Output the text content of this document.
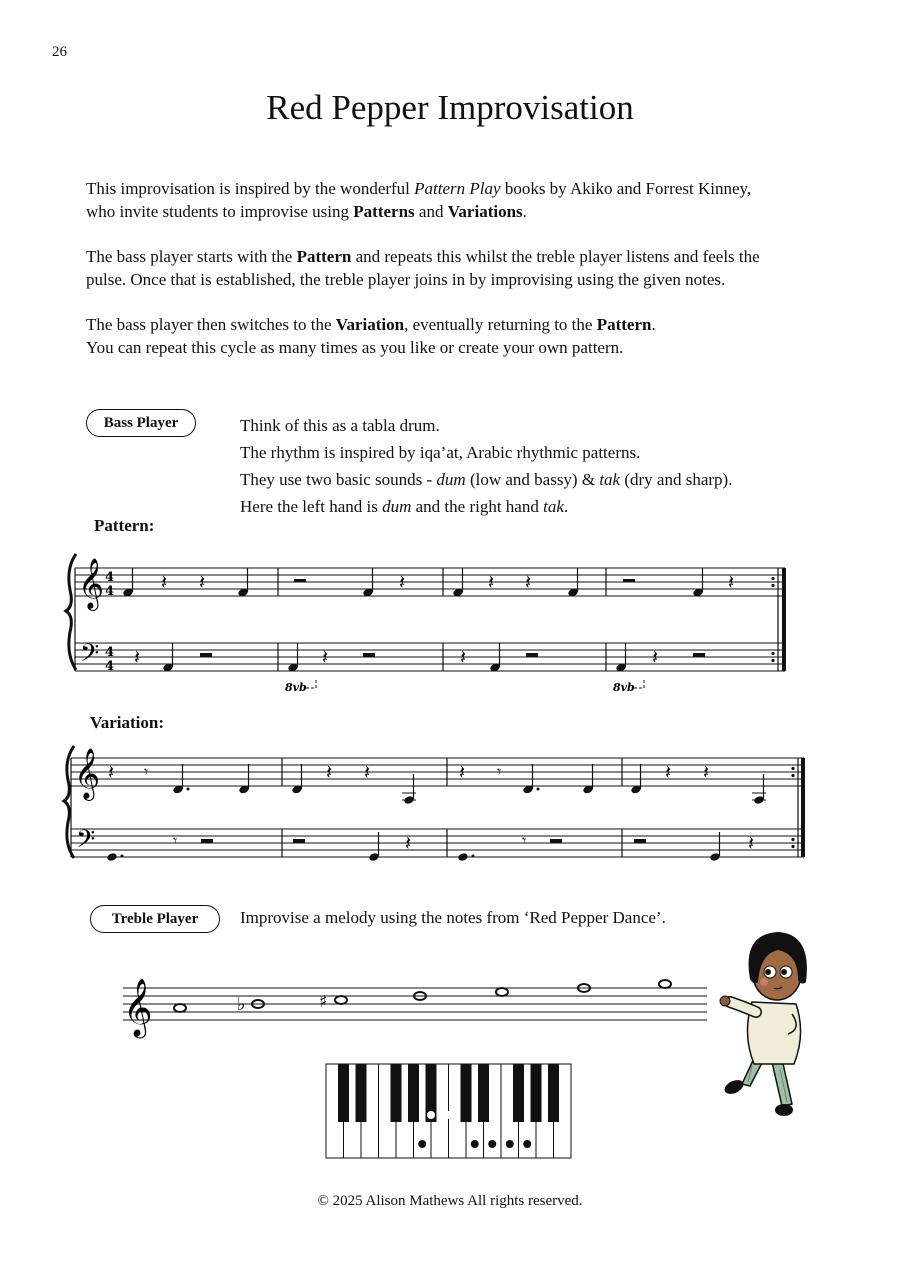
26
Red Pepper Improvisation
This improvisation is inspired by the wonderful Pattern Play books by Akiko and Forrest Kinney,
who invite students to improvise using Patterns and Variations.
The bass player starts with the Pattern and repeats this whilst the treble player listens and feels the
pulse. Once that is established, the treble player joins in by improvising using the given notes.
The bass player then switches to the Variation, eventually returning to the Pattern.
You can repeat this cycle as many times as you like or create your own pattern.
Bass Player	Think of this as a tabla drum.
The rhythm is inspired by iqa’at, Arabic rhythmic patterns.
They use two basic sounds - dum (low and bassy) & tak (dry and sharp).
Here the left hand is dum and the right hand tak.
Pattern:
𝄞
𝄢
4
4
4
4
𝄽 𝄽	𝄽	𝄽 𝄽	𝄽
𝄽	𝄽	𝄽	𝄽
8vb	8vb
Variation:
𝄞
𝄢
𝄽 𝄾	𝄽 𝄽	𝄽 𝄾	𝄽 𝄽
𝄾	𝄽	𝄾	𝄽
Treble Player	Improvise a melody using the notes from ‘Red Pepper Dance’.
𝄞	♭	♯
© 2025 Alison Mathews All rights reserved.
